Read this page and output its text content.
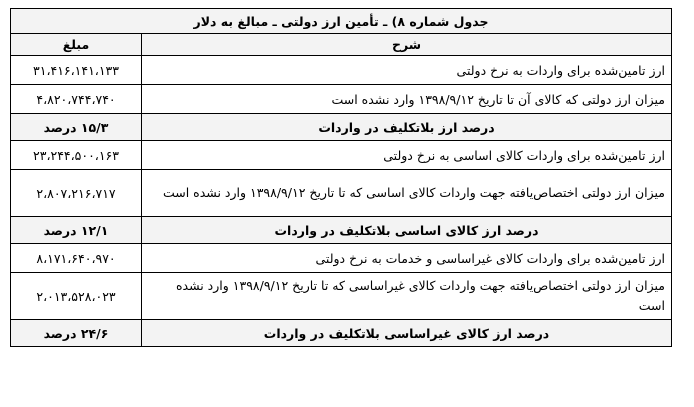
جدول شماره ۸) ـ تأمین ارز دولتی ـ مبالغ به دلار	
شرح	مبلغ
ارز تامین‌شده برای واردات به نرخ دولتی	۳۱،۴۱۶،۱۴۱،۱۳۳
میزان ارز دولتی که کالای آن تا تاریخ ۱۳۹۸/۹/۱۲ وارد نشده است	۴،۸۲۰،۷۴۴،۷۴۰
درصد ارز بلاتکلیف در واردات	۱۵/۳ درصد
ارز تامین‌شده برای واردات کالای اساسی به نرخ دولتی	۲۳،۲۴۴،۵۰۰،۱۶۳
میزان ارز دولتی اختصاص‌یافته جهت واردات کالای اساسی که تا تاریخ ۱۳۹۸/۹/۱۲ وارد نشده است	۲،۸۰۷،۲۱۶،۷۱۷
درصد ارز کالای اساسی بلاتکلیف در واردات	۱۲/۱ درصد
ارز تامین‌شده برای واردات کالای غیراساسی و خدمات به نرخ دولتی	۸،۱۷۱،۶۴۰،۹۷۰
میزان ارز دولتی اختصاص‌یافته جهت واردات کالای غیراساسی که تا تاریخ ۱۳۹۸/۹/۱۲ وارد نشده است	۲،۰۱۳،۵۲۸،۰۲۳
درصد ارز کالای غیراساسی بلاتکلیف در واردات	۲۴/۶ درصد
